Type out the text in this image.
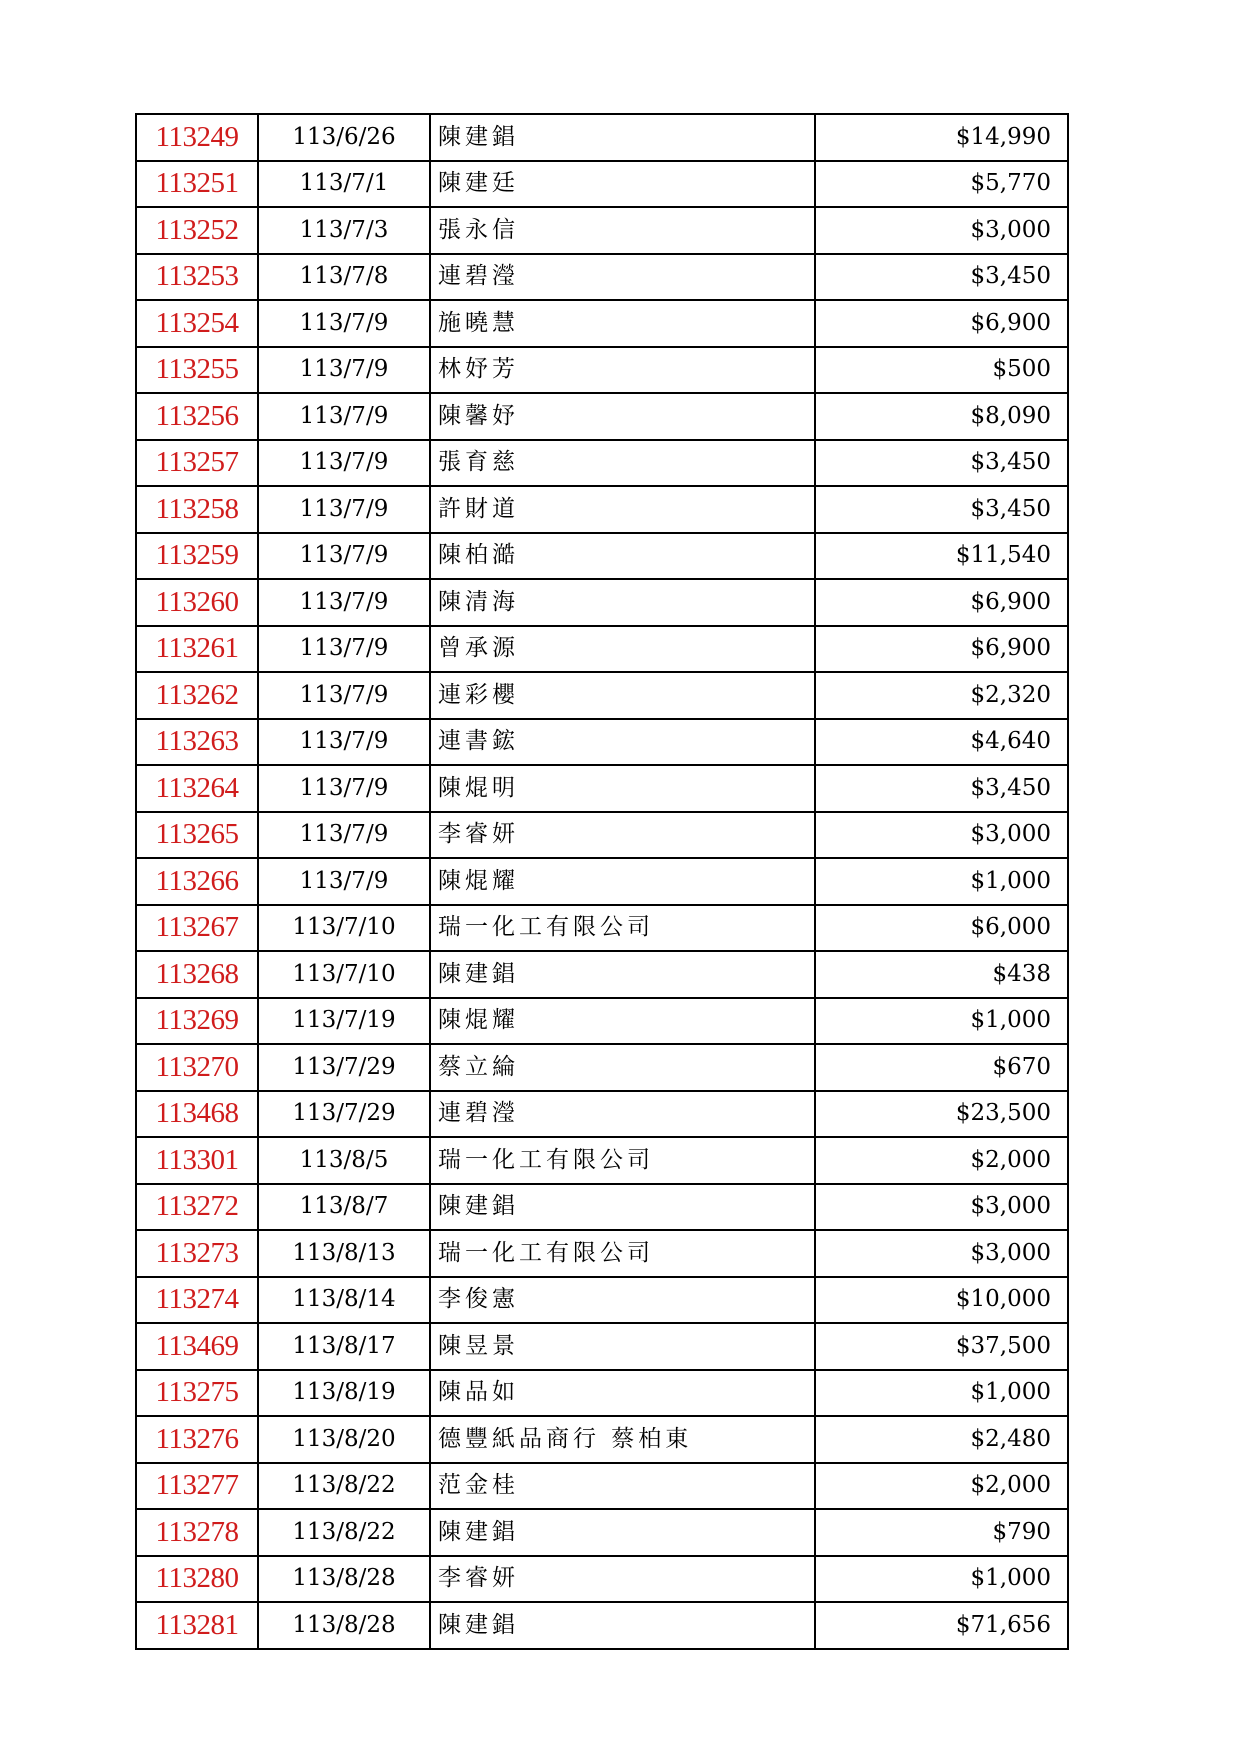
113249	113/6/26	陳建錩	$14,990
113251	113/7/1	陳建廷	$5,770
113252	113/7/3	張永信	$3,000
113253	113/7/8	連碧瀅	$3,450
113254	113/7/9	施曉慧	$6,900
113255	113/7/9	林妤芳	$500
113256	113/7/9	陳馨妤	$8,090
113257	113/7/9	張育慈	$3,450
113258	113/7/9	許財道	$3,450
113259	113/7/9	陳柏澔	$11,540
113260	113/7/9	陳清海	$6,900
113261	113/7/9	曾承源	$6,900
113262	113/7/9	連彩櫻	$2,320
113263	113/7/9	連書鋐	$4,640
113264	113/7/9	陳焜明	$3,450
113265	113/7/9	李睿妍	$3,000
113266	113/7/9	陳焜耀	$1,000
113267	113/7/10	瑞一化工有限公司	$6,000
113268	113/7/10	陳建錩	$438
113269	113/7/19	陳焜耀	$1,000
113270	113/7/29	蔡立綸	$670
113468	113/7/29	連碧瀅	$23,500
113301	113/8/5	瑞一化工有限公司	$2,000
113272	113/8/7	陳建錩	$3,000
113273	113/8/13	瑞一化工有限公司	$3,000
113274	113/8/14	李俊憲	$10,000
113469	113/8/17	陳昱景	$37,500
113275	113/8/19	陳品如	$1,000
113276	113/8/20	德豐紙品商行 蔡柏東	$2,480
113277	113/8/22	范金桂	$2,000
113278	113/8/22	陳建錩	$790
113280	113/8/28	李睿妍	$1,000
113281	113/8/28	陳建錩	$71,656
